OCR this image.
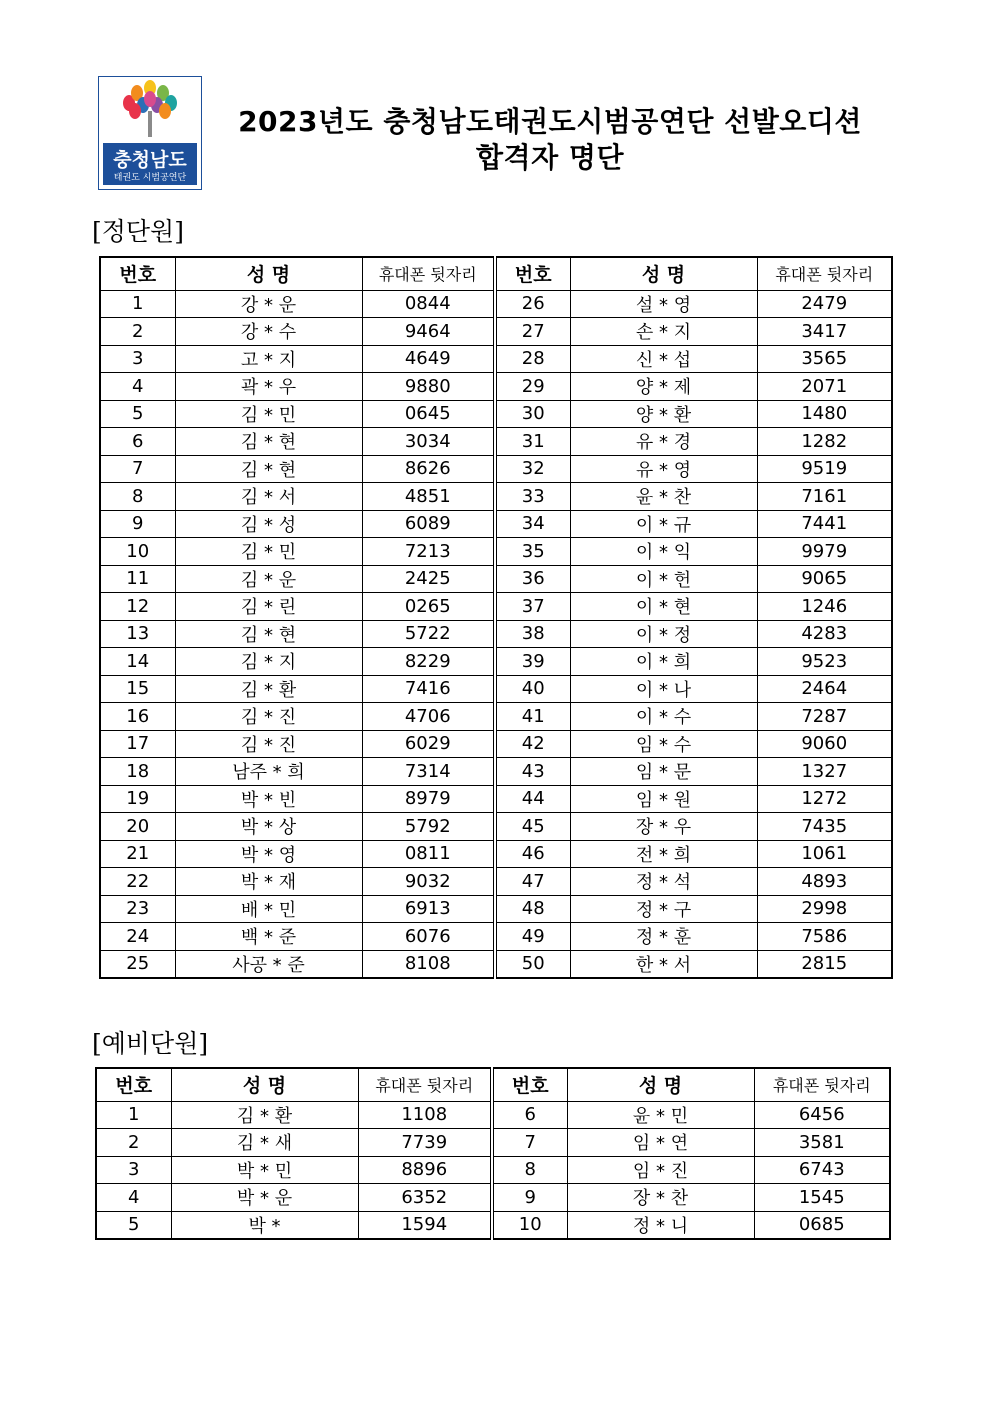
충청남도
태권도 시범공연단
2023년도 충청남도태권도시범공연단 선발오디션
합격자 명단
[정단원]
번호	성 명	휴대폰 뒷자리	번호	성 명	휴대폰 뒷자리
1	강 * 운	0844	26	설 * 영	2479
2	강 * 수	9464	27	손 * 지	3417
3	고 * 지	4649	28	신 * 섭	3565
4	곽 * 우	9880	29	양 * 제	2071
5	김 * 민	0645	30	양 * 환	1480
6	김 * 현	3034	31	유 * 경	1282
7	김 * 현	8626	32	유 * 영	9519
8	김 * 서	4851	33	윤 * 찬	7161
9	김 * 성	6089	34	이 * 규	7441
10	김 * 민	7213	35	이 * 익	9979
11	김 * 운	2425	36	이 * 헌	9065
12	김 * 린	0265	37	이 * 현	1246
13	김 * 현	5722	38	이 * 정	4283
14	김 * 지	8229	39	이 * 희	9523
15	김 * 환	7416	40	이 * 나	2464
16	김 * 진	4706	41	이 * 수	7287
17	김 * 진	6029	42	임 * 수	9060
18	남주 * 희	7314	43	임 * 문	1327
19	박 * 빈	8979	44	임 * 원	1272
20	박 * 상	5792	45	장 * 우	7435
21	박 * 영	0811	46	전 * 희	1061
22	박 * 재	9032	47	정 * 석	4893
23	배 * 민	6913	48	정 * 구	2998
24	백 * 준	6076	49	정 * 훈	7586
25	사공 * 준	8108	50	한 * 서	2815
[예비단원]
번호	성 명	휴대폰 뒷자리	번호	성 명	휴대폰 뒷자리
1	김 * 환	1108	6	윤 * 민	6456
2	김 * 새	7739	7	임 * 연	3581
3	박 * 민	8896	8	임 * 진	6743
4	박 * 운	6352	9	장 * 찬	1545
5	박 *	1594	10	정 * 니	0685
